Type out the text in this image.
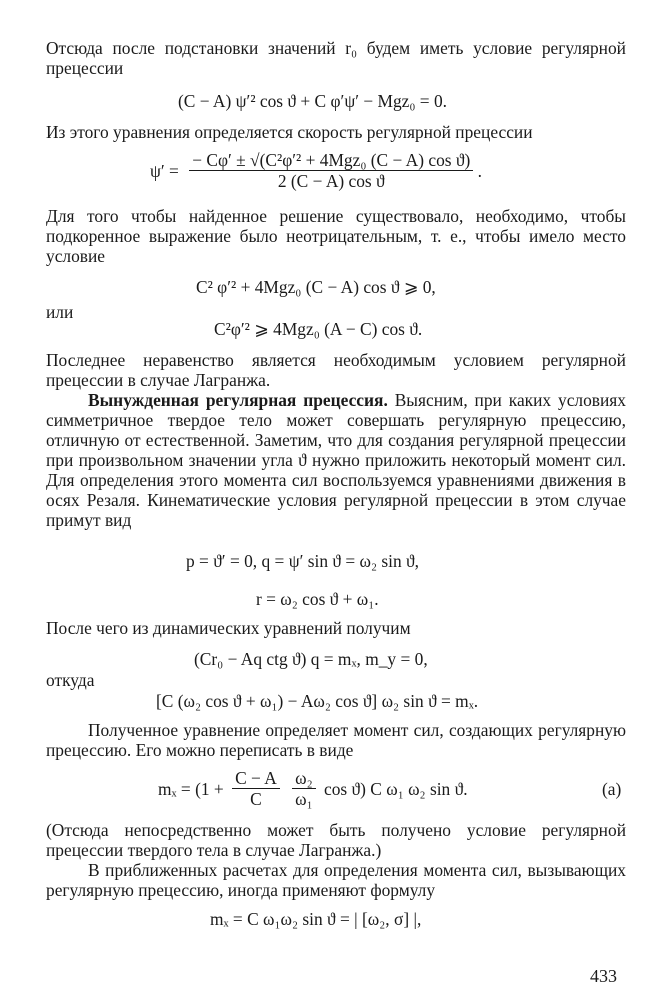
Отсюда после подстановки значений r₀ будем иметь условие регулярной прецессии

(C − A) ψ′² cos ϑ + C φ′ψ′ − Mgz₀ = 0.

Из этого уравнения определяется скорость регулярной прецессии

$\psi' = \frac{\text{− Cφ′ ± √(C²φ′² + 4Mgz₀ (C − A) cos ϑ)}}{\text{2 (C − A) cos ϑ}}$ .

Для того чтобы найденное решение существовало, необходимо, чтобы подкоренное выражение было неотрицательным, т. е., чтобы имело место условие

C² φ′² + 4Mgz₀ (C − A) cos ϑ ⩾ 0,

или

C²φ′² ⩾ 4Mgz₀ (A − C) cos ϑ.

Последнее неравенство является необходимым условием регулярной прецессии в случае Лагранжа.

Вынужденная регулярная прецессия. Выясним, при каких условиях симметричное твердое тело может совершать регулярную прецессию, отличную от естественной. Заметим, что для создания регулярной прецессии при произвольном значении угла ϑ нужно приложить некоторый момент сил. Для определения этого момента сил воспользуемся уравнениями движения в осях Резаля. Кинематические условия регулярной прецессии в этом случае примут вид

p = ϑ′ = 0, q = ψ′ sin ϑ = ω₂ sin ϑ,
r = ω₂ cos ϑ + ω₁.

После чего из динамических уравнений получим

(Cr₀ − Aq ctg ϑ) q = mₓ, m_y = 0,

откуда

[C (ω₂ cos ϑ + ω₁) − Aω₂ cos ϑ] ω₂ sin ϑ = mₓ.

Полученное уравнение определяет момент сил, создающих регулярную прецессию. Его можно переписать в виде

$m_x = (1 + \frac{C - A}{C}$
$\frac{\text{ω₂}}{\text{ω₁}}$ cos ϑ) C ω₁ ω₂ sin ϑ.	(a)

(Отсюда непосредственно может быть получено условие регулярной прецессии твердого тела в случае Лагранжа.)

В приближенных расчетах для определения момента сил, вызывающих регулярную прецессию, иногда применяют формулу

mₓ = C ω₁ω₂ sin ϑ = | [ω₂, σ] |,
433
